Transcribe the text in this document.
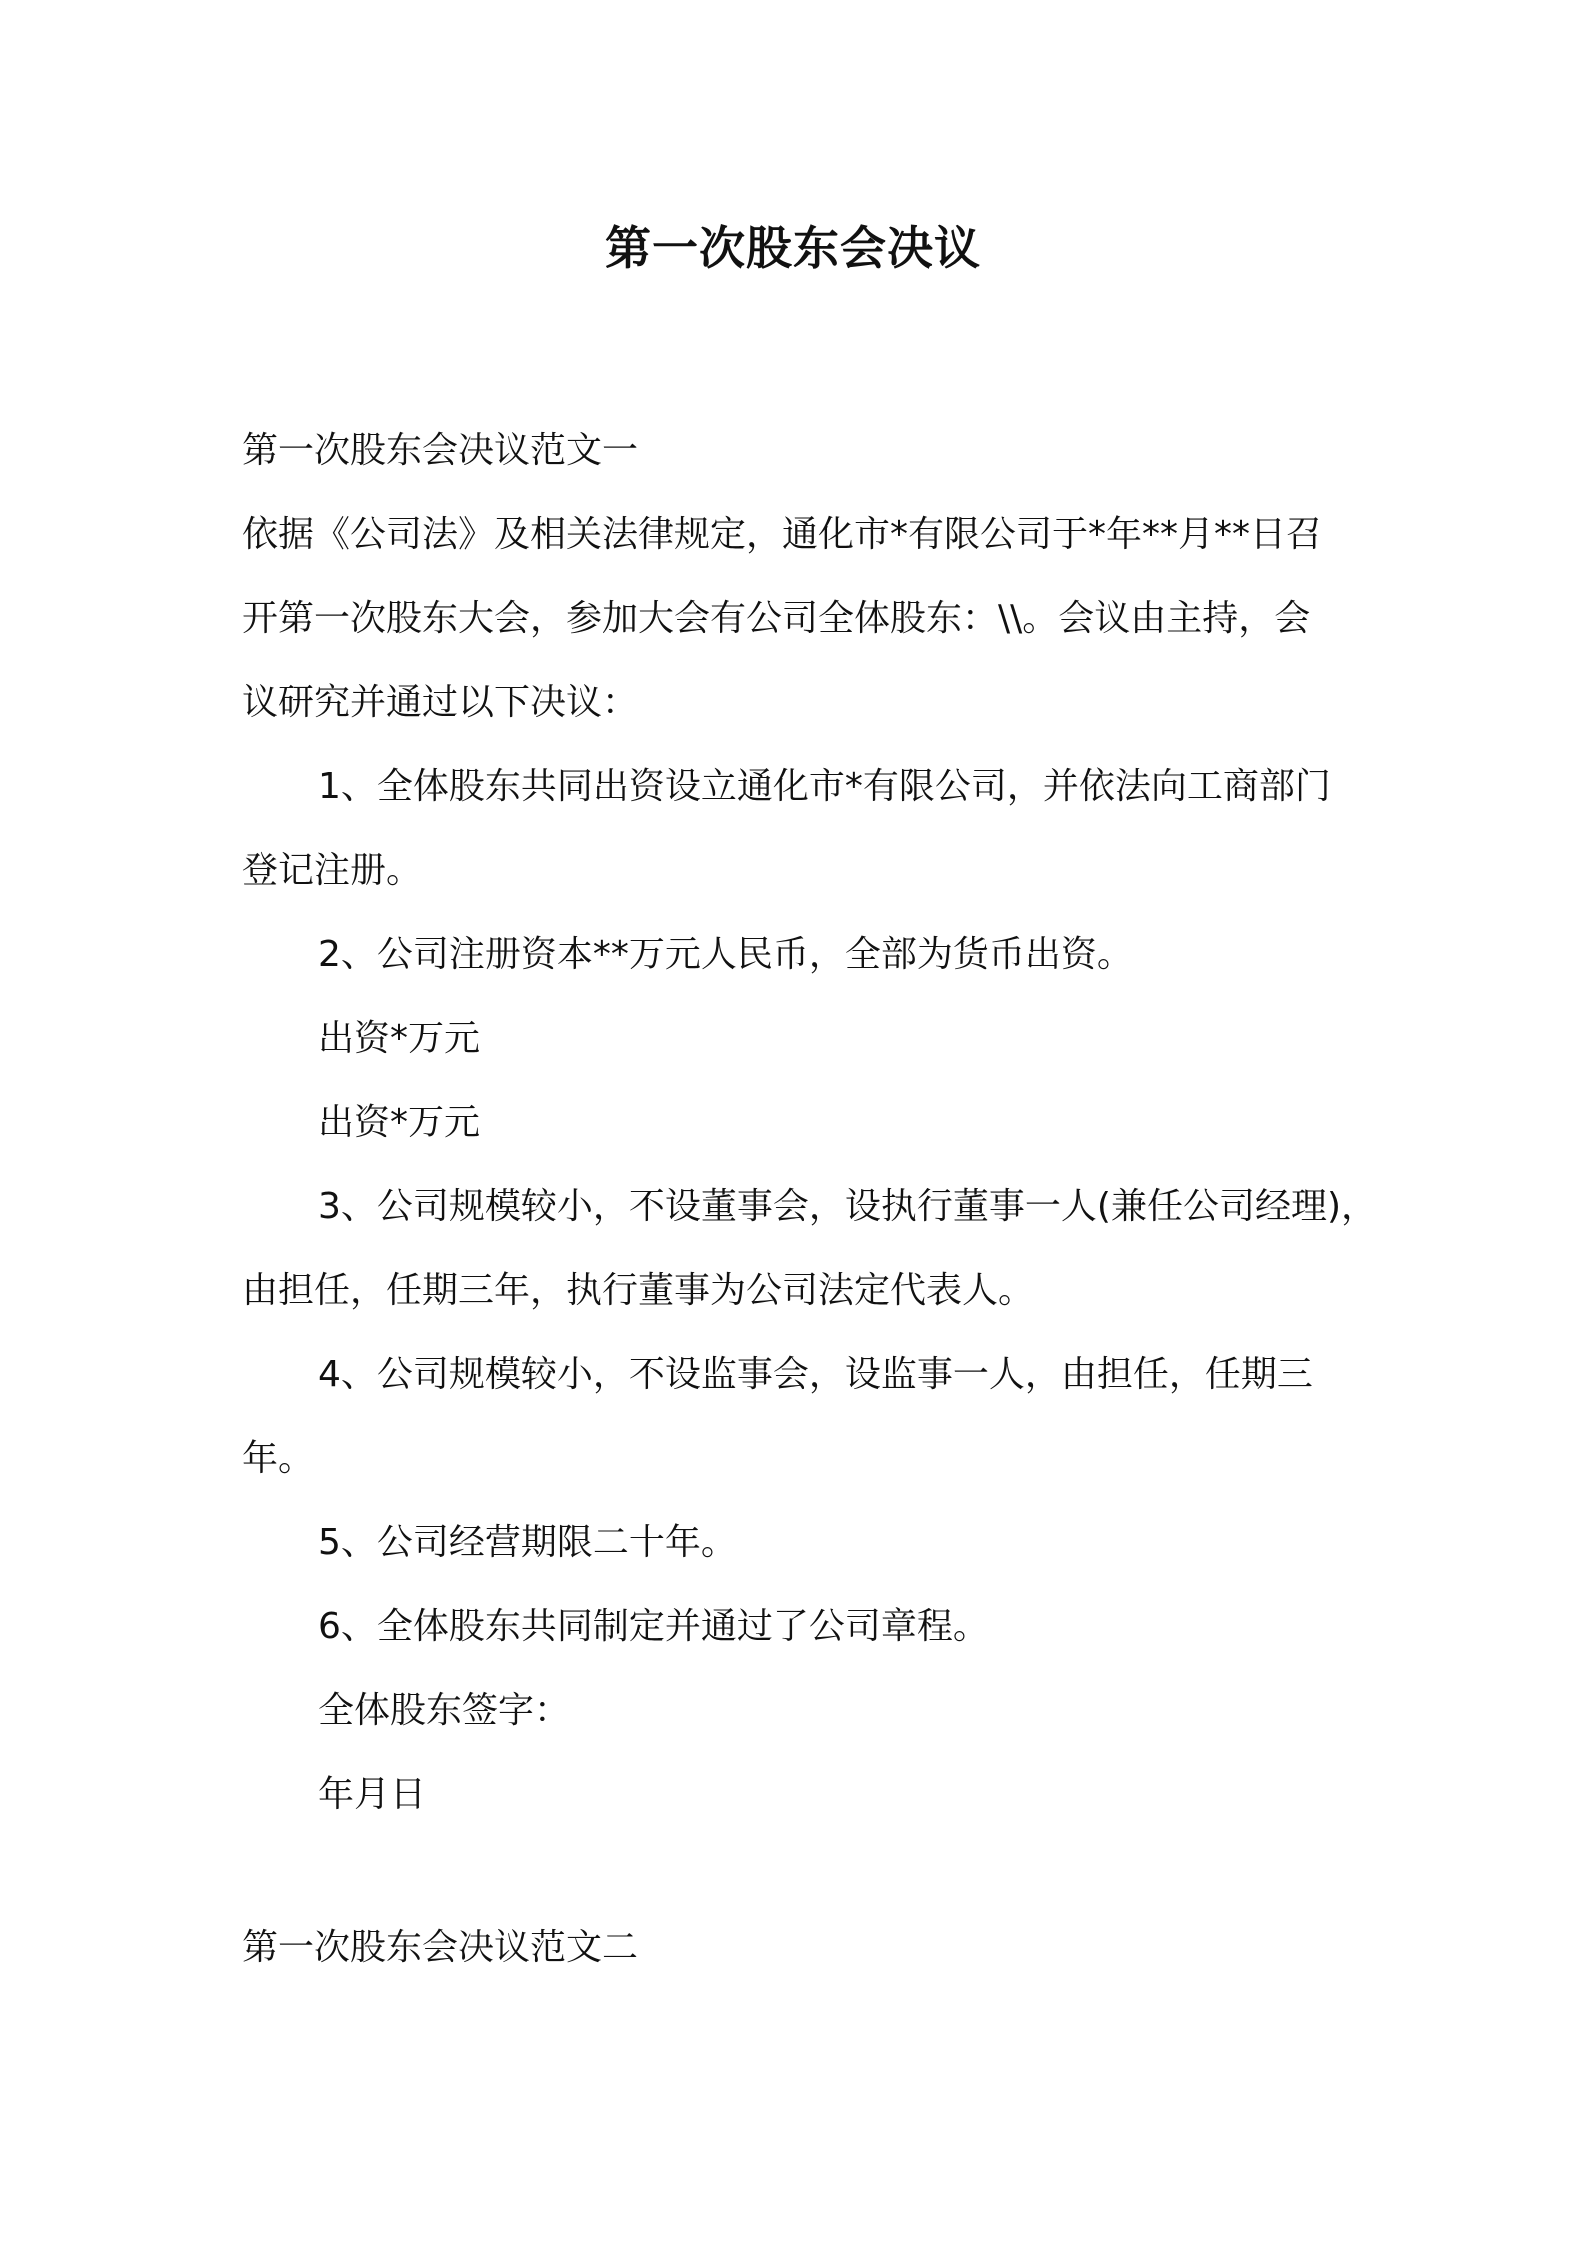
第一次股东会决议

第一次股东会决议范文一

依据《公司法》及相关法律规定，通化市*有限公司于*年**月**日召

开第一次股东大会，参加大会有公司全体股东：\\。会议由主持，会

议研究并通过以下决议：

1、全体股东共同出资设立通化市*有限公司，并依法向工商部门

登记注册。

2、公司注册资本**万元人民币，全部为货币出资。

出资*万元

出资*万元

3、公司规模较小，不设董事会，设执行董事一人(兼任公司经理)，

由担任，任期三年，执行董事为公司法定代表人。

4、公司规模较小，不设监事会，设监事一人，由担任，任期三

年。

5、公司经营期限二十年。

6、全体股东共同制定并通过了公司章程。

全体股东签字：

年月日

第一次股东会决议范文二
